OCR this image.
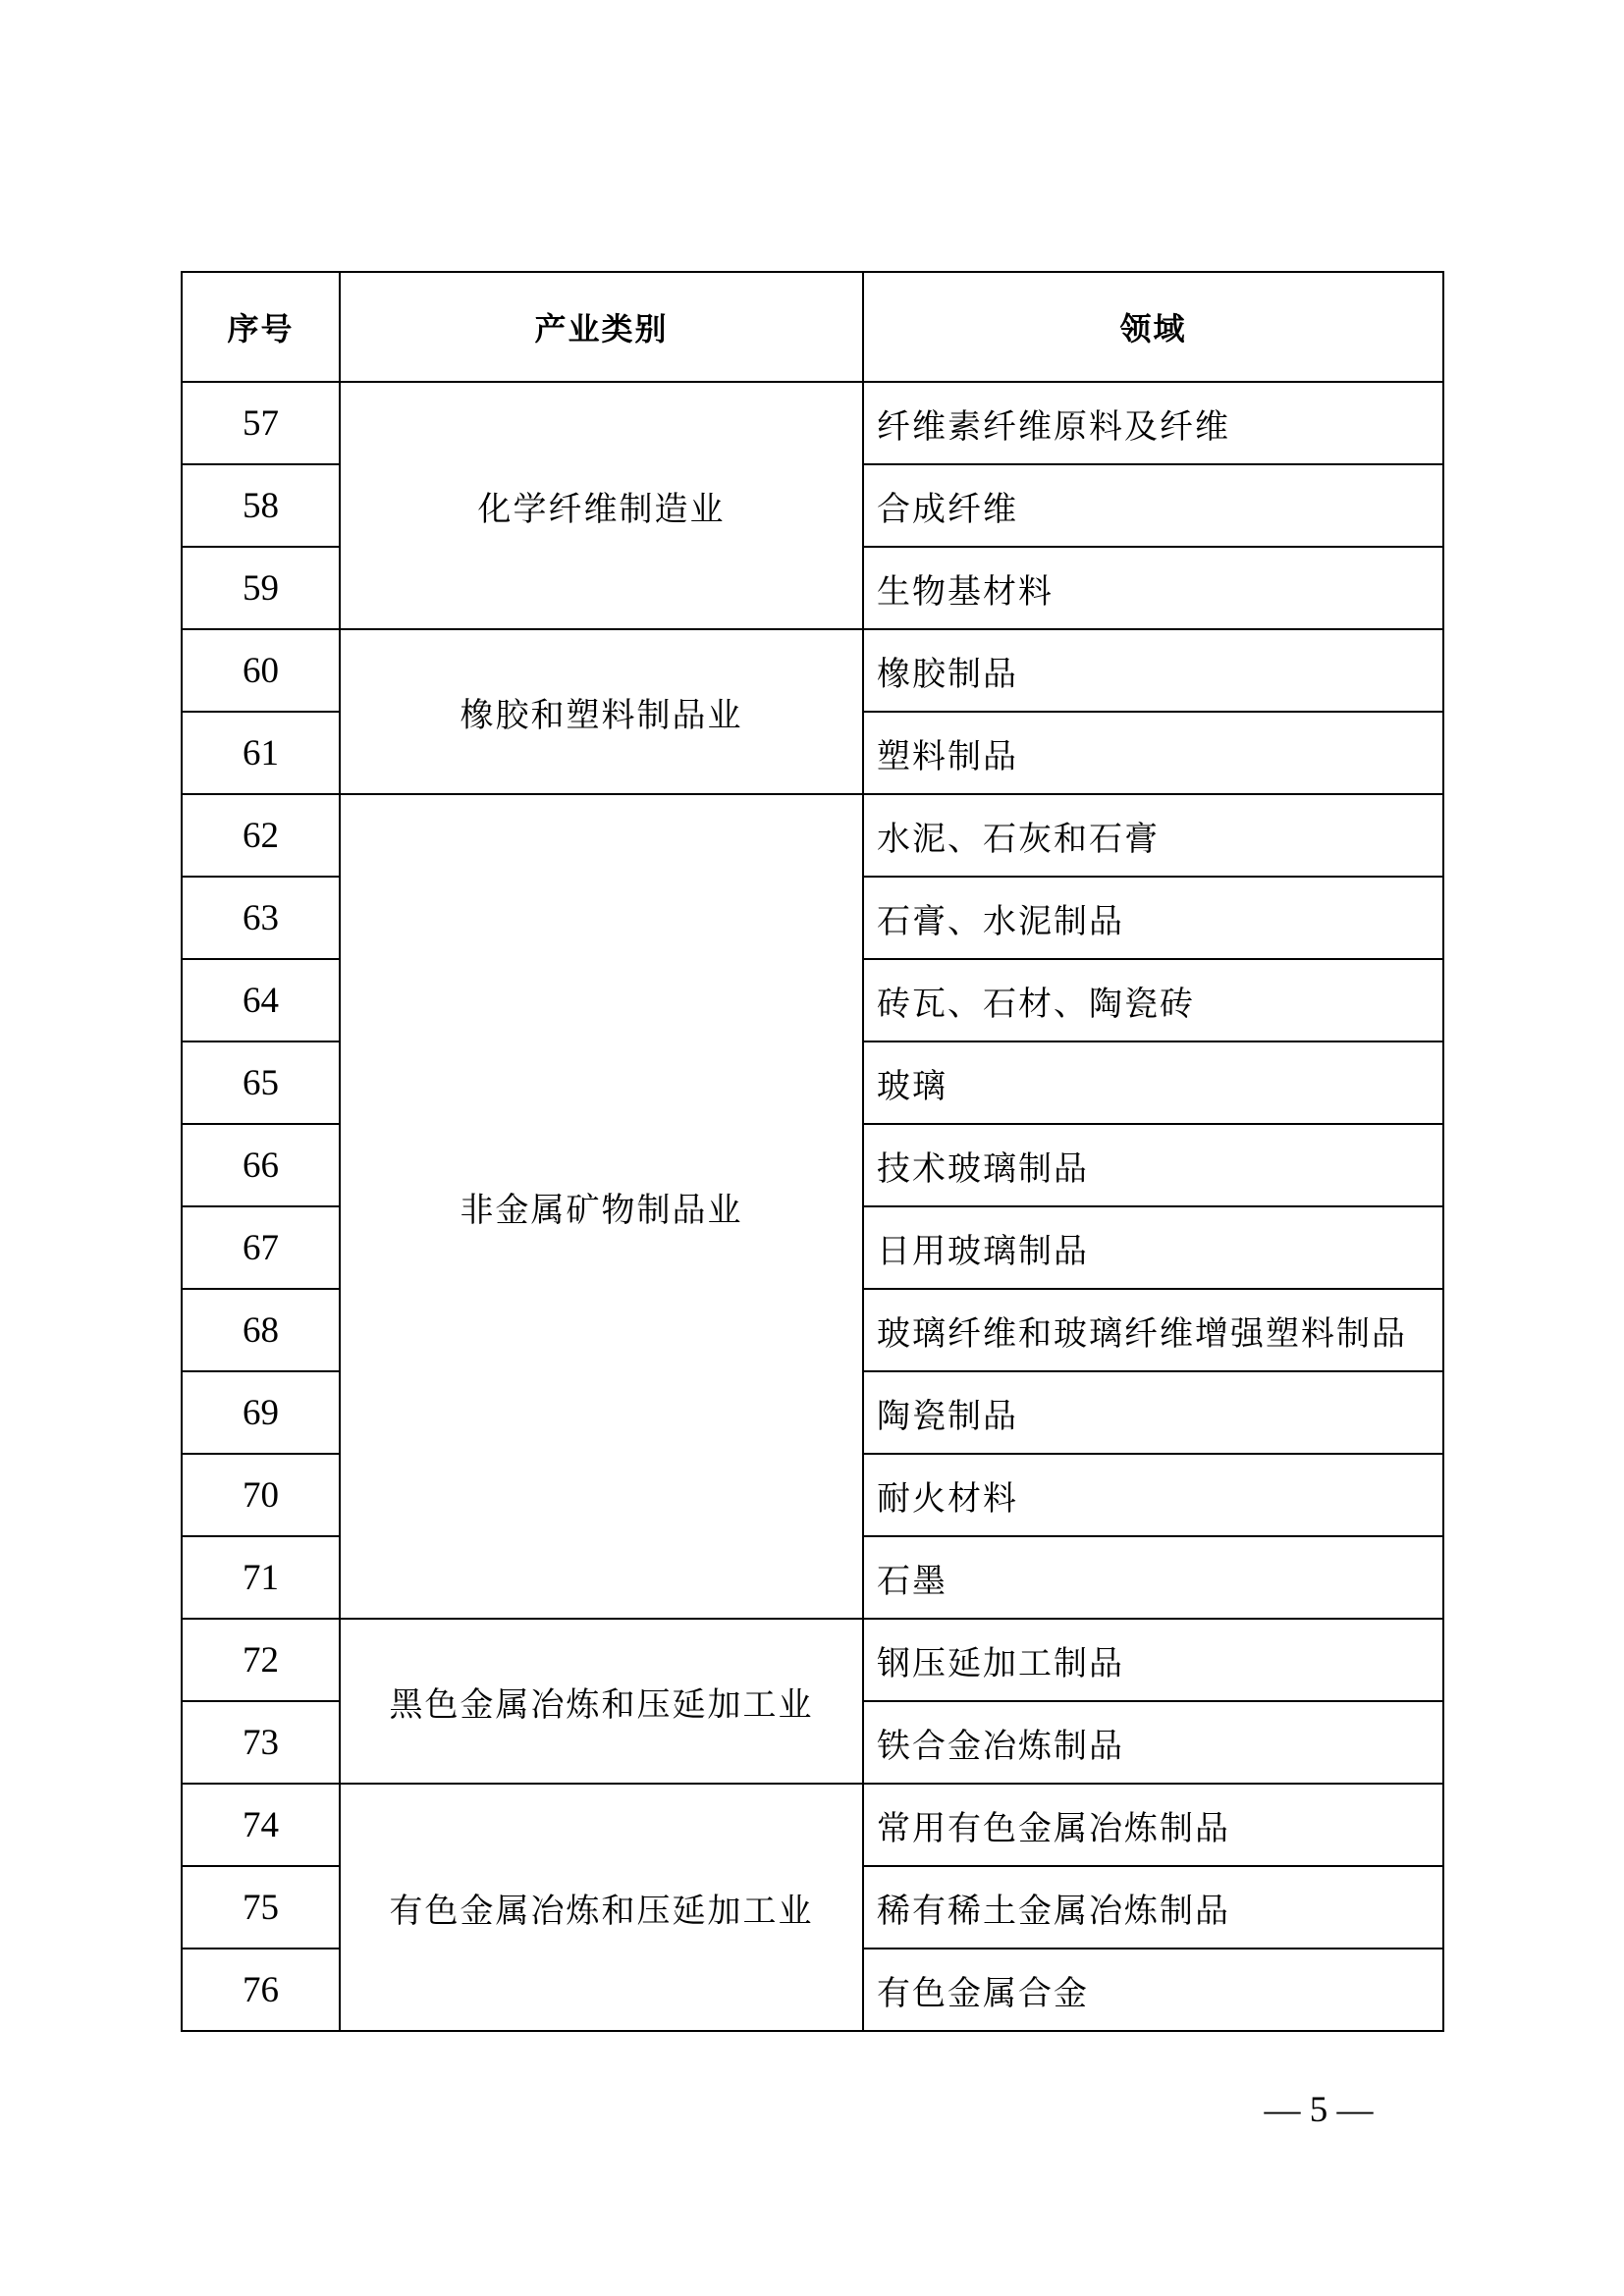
序号	产业类别	领域
57	化学纤维制造业	纤维素纤维原料及纤维
58		合成纤维
59		生物基材料
60	橡胶和塑料制品业	橡胶制品
61		塑料制品
62	非金属矿物制品业	水泥、石灰和石膏
63		石膏、水泥制品
64		砖瓦、石材、陶瓷砖
65		玻璃
66		技术玻璃制品
67		日用玻璃制品
68		玻璃纤维和玻璃纤维增强塑料制品
69		陶瓷制品
70		耐火材料
71		石墨
72	黑色金属冶炼和压延加工业	钢压延加工制品
73		铁合金冶炼制品
74	有色金属冶炼和压延加工业	常用有色金属冶炼制品
75		稀有稀土金属冶炼制品
76		有色金属合金
— 5 —
